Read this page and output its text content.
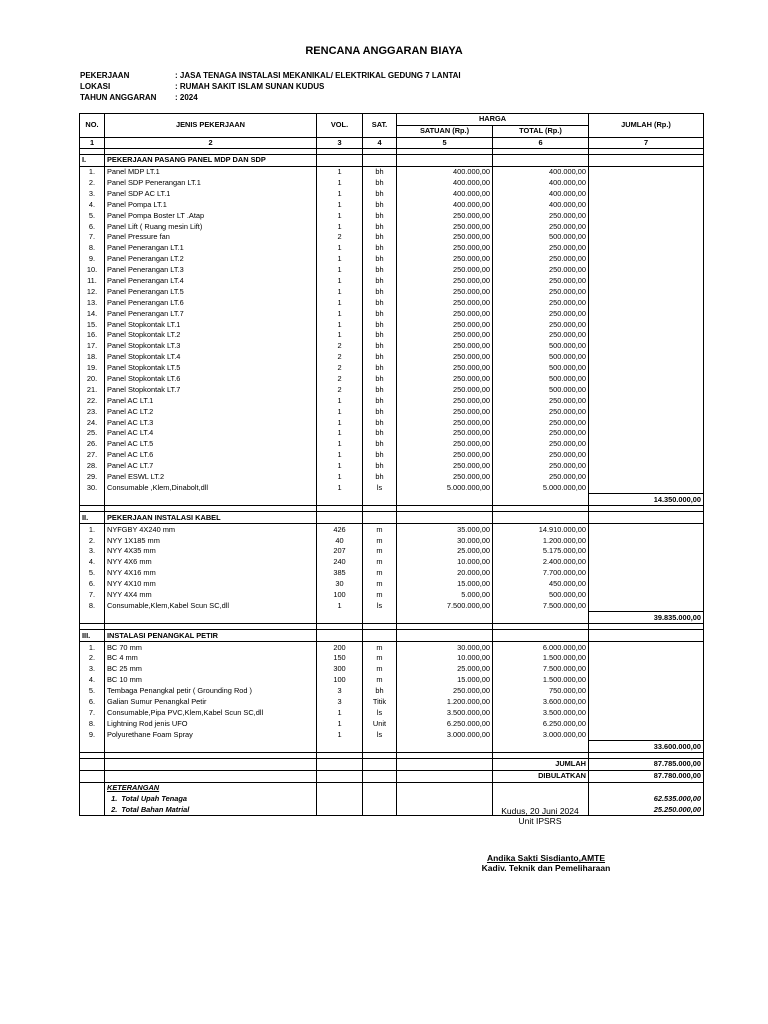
RENCANA ANGGARAN BIAYA
PEKERJAAN	: JASA TENAGA INSTALASI MEKANIKAL/ ELEKTRIKAL GEDUNG 7 LANTAI
LOKASI	: RUMAH SAKIT ISLAM SUNAN KUDUS
TAHUN ANGGARAN	: 2024
NO.	JENIS PEKERJAAN	VOL.	SAT.	HARGA		JUMLAH (Rp.)
				SATUAN (Rp.)	TOTAL (Rp.)	
1	2	3	4	5	6	7

I.	PEKERJAAN PASANG PANEL MDP DAN SDP					
1.	Panel MDP LT.1	1	bh	400.000,00	400.000,00	
2.	Panel SDP Penerangan LT.1	1	bh	400.000,00	400.000,00	
3.	Panel SDP AC LT.1	1	bh	400.000,00	400.000,00	
4.	Panel Pompa LT.1	1	bh	400.000,00	400.000,00	
5.	Panel Pompa Boster LT .Atap	1	bh	250.000,00	250.000,00	
6.	Panel Lift ( Ruang mesin Lift)	1	bh	250.000,00	250.000,00	
7.	Panel Pressure fan	2	bh	250.000,00	500.000,00	
8.	Panel Penerangan LT.1	1	bh	250.000,00	250.000,00	
9.	Panel Penerangan LT.2	1	bh	250.000,00	250.000,00	
10.	Panel Penerangan LT.3	1	bh	250.000,00	250.000,00	
11.	Panel Penerangan LT.4	1	bh	250.000,00	250.000,00	
12.	Panel Penerangan LT.5	1	bh	250.000,00	250.000,00	
13.	Panel Penerangan LT.6	1	bh	250.000,00	250.000,00	
14.	Panel Penerangan LT.7	1	bh	250.000,00	250.000,00	
15.	Panel Stopkontak LT.1	1	bh	250.000,00	250.000,00	
16.	Panel Stopkontak LT.2	1	bh	250.000,00	250.000,00	
17.	Panel Stopkontak LT.3	2	bh	250.000,00	500.000,00	
18.	Panel Stopkontak LT.4	2	bh	250.000,00	500.000,00	
19.	Panel Stopkontak LT.5	2	bh	250.000,00	500.000,00	
20.	Panel Stopkontak LT.6	2	bh	250.000,00	500.000,00	
21.	Panel Stopkontak LT.7	2	bh	250.000,00	500.000,00	
22.	Panel AC LT.1	1	bh	250.000,00	250.000,00	
23.	Panel AC LT.2	1	bh	250.000,00	250.000,00	
24.	Panel AC LT.3	1	bh	250.000,00	250.000,00	
25.	Panel AC LT.4	1	bh	250.000,00	250.000,00	
26.	Panel AC LT.5	1	bh	250.000,00	250.000,00	
27.	Panel AC LT.6	1	bh	250.000,00	250.000,00	
28.	Panel AC LT.7	1	bh	250.000,00	250.000,00	
29.	Panel ESWL LT.2	1	bh	250.000,00	250.000,00	
30.	Consumable ,Klem,Dinabolt,dll	1	ls	5.000.000,00	5.000.000,00	
						14.350.000,00

II.	PEKERJAAN INSTALASI KABEL					
1.	NYFGBY 4X240 mm	426	m	35.000,00	14.910.000,00	
2.	NYY 1X185 mm	40	m	30.000,00	1.200.000,00	
3.	NYY 4X35 mm	207	m	25.000,00	5.175.000,00	
4.	NYY 4X6 mm	240	m	10.000,00	2.400.000,00	
5.	NYY 4X16 mm	385	m	20.000,00	7.700.000,00	
6.	NYY 4X10 mm	30	m	15.000,00	450.000,00	
7.	NYY 4X4 mm	100	m	5.000,00	500.000,00	
8.	Consumable,Klem,Kabel Scun SC,dll	1	ls	7.500.000,00	7.500.000,00	
						39.835.000,00

III.	INSTALASI PENANGKAL PETIR					
1.	BC 70 mm	200	m	30.000,00	6.000.000,00	
2.	BC 4 mm	150	m	10.000,00	1.500.000,00	
3.	BC 25 mm	300	m	25.000,00	7.500.000,00	
4.	BC 10 mm	100	m	15.000,00	1.500.000,00	
5.	Tembaga Penangkal petir ( Grounding Rod )	3	bh	250.000,00	750.000,00	
6.	Galian Sumur Penangkal Petir	3	Titik	1.200.000,00	3.600.000,00	
7.	Consumable,Pipa PVC,Klem,Kabel Scun SC,dll	1	ls	3.500.000,00	3.500.000,00	
8.	Lightning Rod jenis UFO	1	Unit	6.250.000,00	6.250.000,00	
9.	Polyurethane Foam Spray	1	ls	3.000.000,00	3.000.000,00	
						33.600.000,00

					JUMLAH	87.785.000,00
					DIBULATKAN	87.780.000,00
	KETERANGAN					
	1. Total Upah Tenaga					62.535.000,00
	2. Total Bahan Matrial					25.250.000,00
Kudus, 20 Juni 2024
Unit IPSRS
Andika Sakti Sisdianto,AMTE
Kadiv. Teknik dan Pemeliharaan
